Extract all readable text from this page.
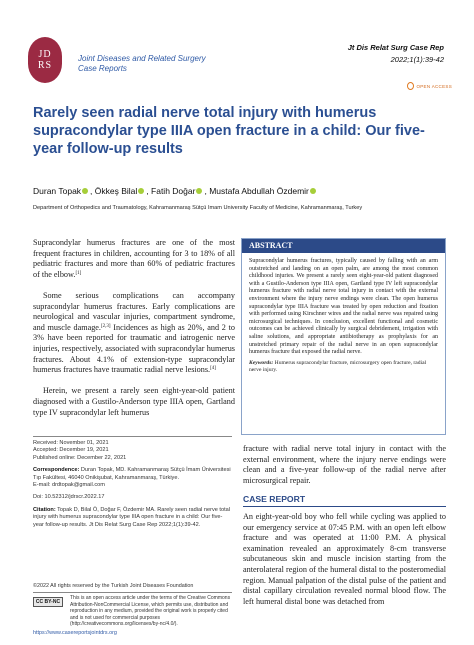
JD
RS
Joint Diseases and Related Surgery
Case Reports
Jt Dis Relat Surg Case Rep
2022;1(1):39-42
OPEN ACCESS
Rarely seen radial nerve total injury with humerus supracondylar type IIIA open fracture in a child: Our five-year follow-up results
Duran Topak , Ökkeş Bilal , Fatih Doğar , Mustafa Abdullah Özdemir
Department of Orthopedics and Traumatology, Kahramanmaraş Sütçü Imam University Faculty of Medicine, Kahramanmaraş, Turkey

Supracondylar humerus fractures are one of the most frequent fractures in children, accounting for 3 to 18% of all pediatric fractures and more than 60% of pediatric fractures of the elbow.[1]

Some serious complications can accompany supracondylar humerus fractures. Early complications are neurological and vascular injuries, compartment syndrome, and muscle damage.[2,3] Incidences as high as 20%, and 2 to 3% have been reported for traumatic and iatrogenic nerve injuries, respectively, associated with supracondylar humerus fractures. About 4.1% of extension-type supracondylar humerus fractures have traumatic radial nerve lesions.[4]

Herein, we present a rarely seen eight-year-old patient diagnosed with a Gustilo-Anderson type IIIA open, Gartland type IV supracondylar left humerus

ABSTRACT
Supracondylar humerus fractures, typically caused by falling with an arm outstretched and landing on an open palm, are among the most common childhood injuries. We present a rarely seen eight-year-old patient diagnosed with a Gustilo-Anderson type IIIA open, Gartland type IV left supracondylar humerus fracture with radial nerve total injury in contact with the external environment where the injury nerve endings were clean. The open humerus supracondylar type IIIA fracture was treated by open reduction and fixation with performed using Kirschner wires and the radial nerve was repaired using microsurgical techniques. In conclusion, excellent functional and cosmetic outcomes can be achieved clinically by surgical debridement, irrigation with saline solutions, and appropriate antibiotherapy as prophylaxis for an unstretched primary repair of the radial nerve in an open supracondylar humerus fracture that exposed the radial nerve.
Keywords: Humerus supracondylar fracture, microsurgery open fracture, radial nerve injury.
Received: November 01, 2021
Accepted: December 19, 2021
Published online: December 22, 2021
Correspondence: Duran Topak, MD. Kahramanmaraş Sütçü İmam Üniversitesi Tıp Fakültesi, 46040 Onikişubat, Kahramanmaraş, Türkiye.
E-mail: drdtopak@gmail.com
Doi: 10.52312/jdrscr.2022.17
Citation: Topak D, Bilal Ö, Doğar F, Özdemir MA. Rarely seen radial nerve total injury with humerus supracondylar type IIIA open fracture in a child: Our five-year follow-up results. Jt Dis Relat Surg Case Rep 2022;1(1):39-42.

fracture with radial nerve total injury in contact with the external environment, where the injury nerve endings were clean and a five-year follow-up of the radial nerve after microsurgical repair.

CASE REPORT
An eight-year-old boy who fell while cycling was applied to our emergency service at 07:45 P.M. with an open left elbow fracture and was operated at 11:00 P.M. A physical examination revealed an approximately 8-cm transverse subcutaneous skin and muscle incision starting from the anterolateral region of the humeral distal to the posteromedial region. Manual palpation of the distal pulse of the patient and distal capillary circulation revealed normal blood flow. The left humeral distal bone was detached from
©2022 All rights reserved by the Turkish Joint Diseases Foundation
CC BY-NC
This is an open access article under the terms of the Creative Commons Attribution-NonCommercial License, which permits use, distribution and reproduction in any medium, provided the original work is properly cited and is not used for commercial purposes (http://creativecommons.org/licenses/by-nc/4.0/).
https://www.casereportsjointdrs.org
